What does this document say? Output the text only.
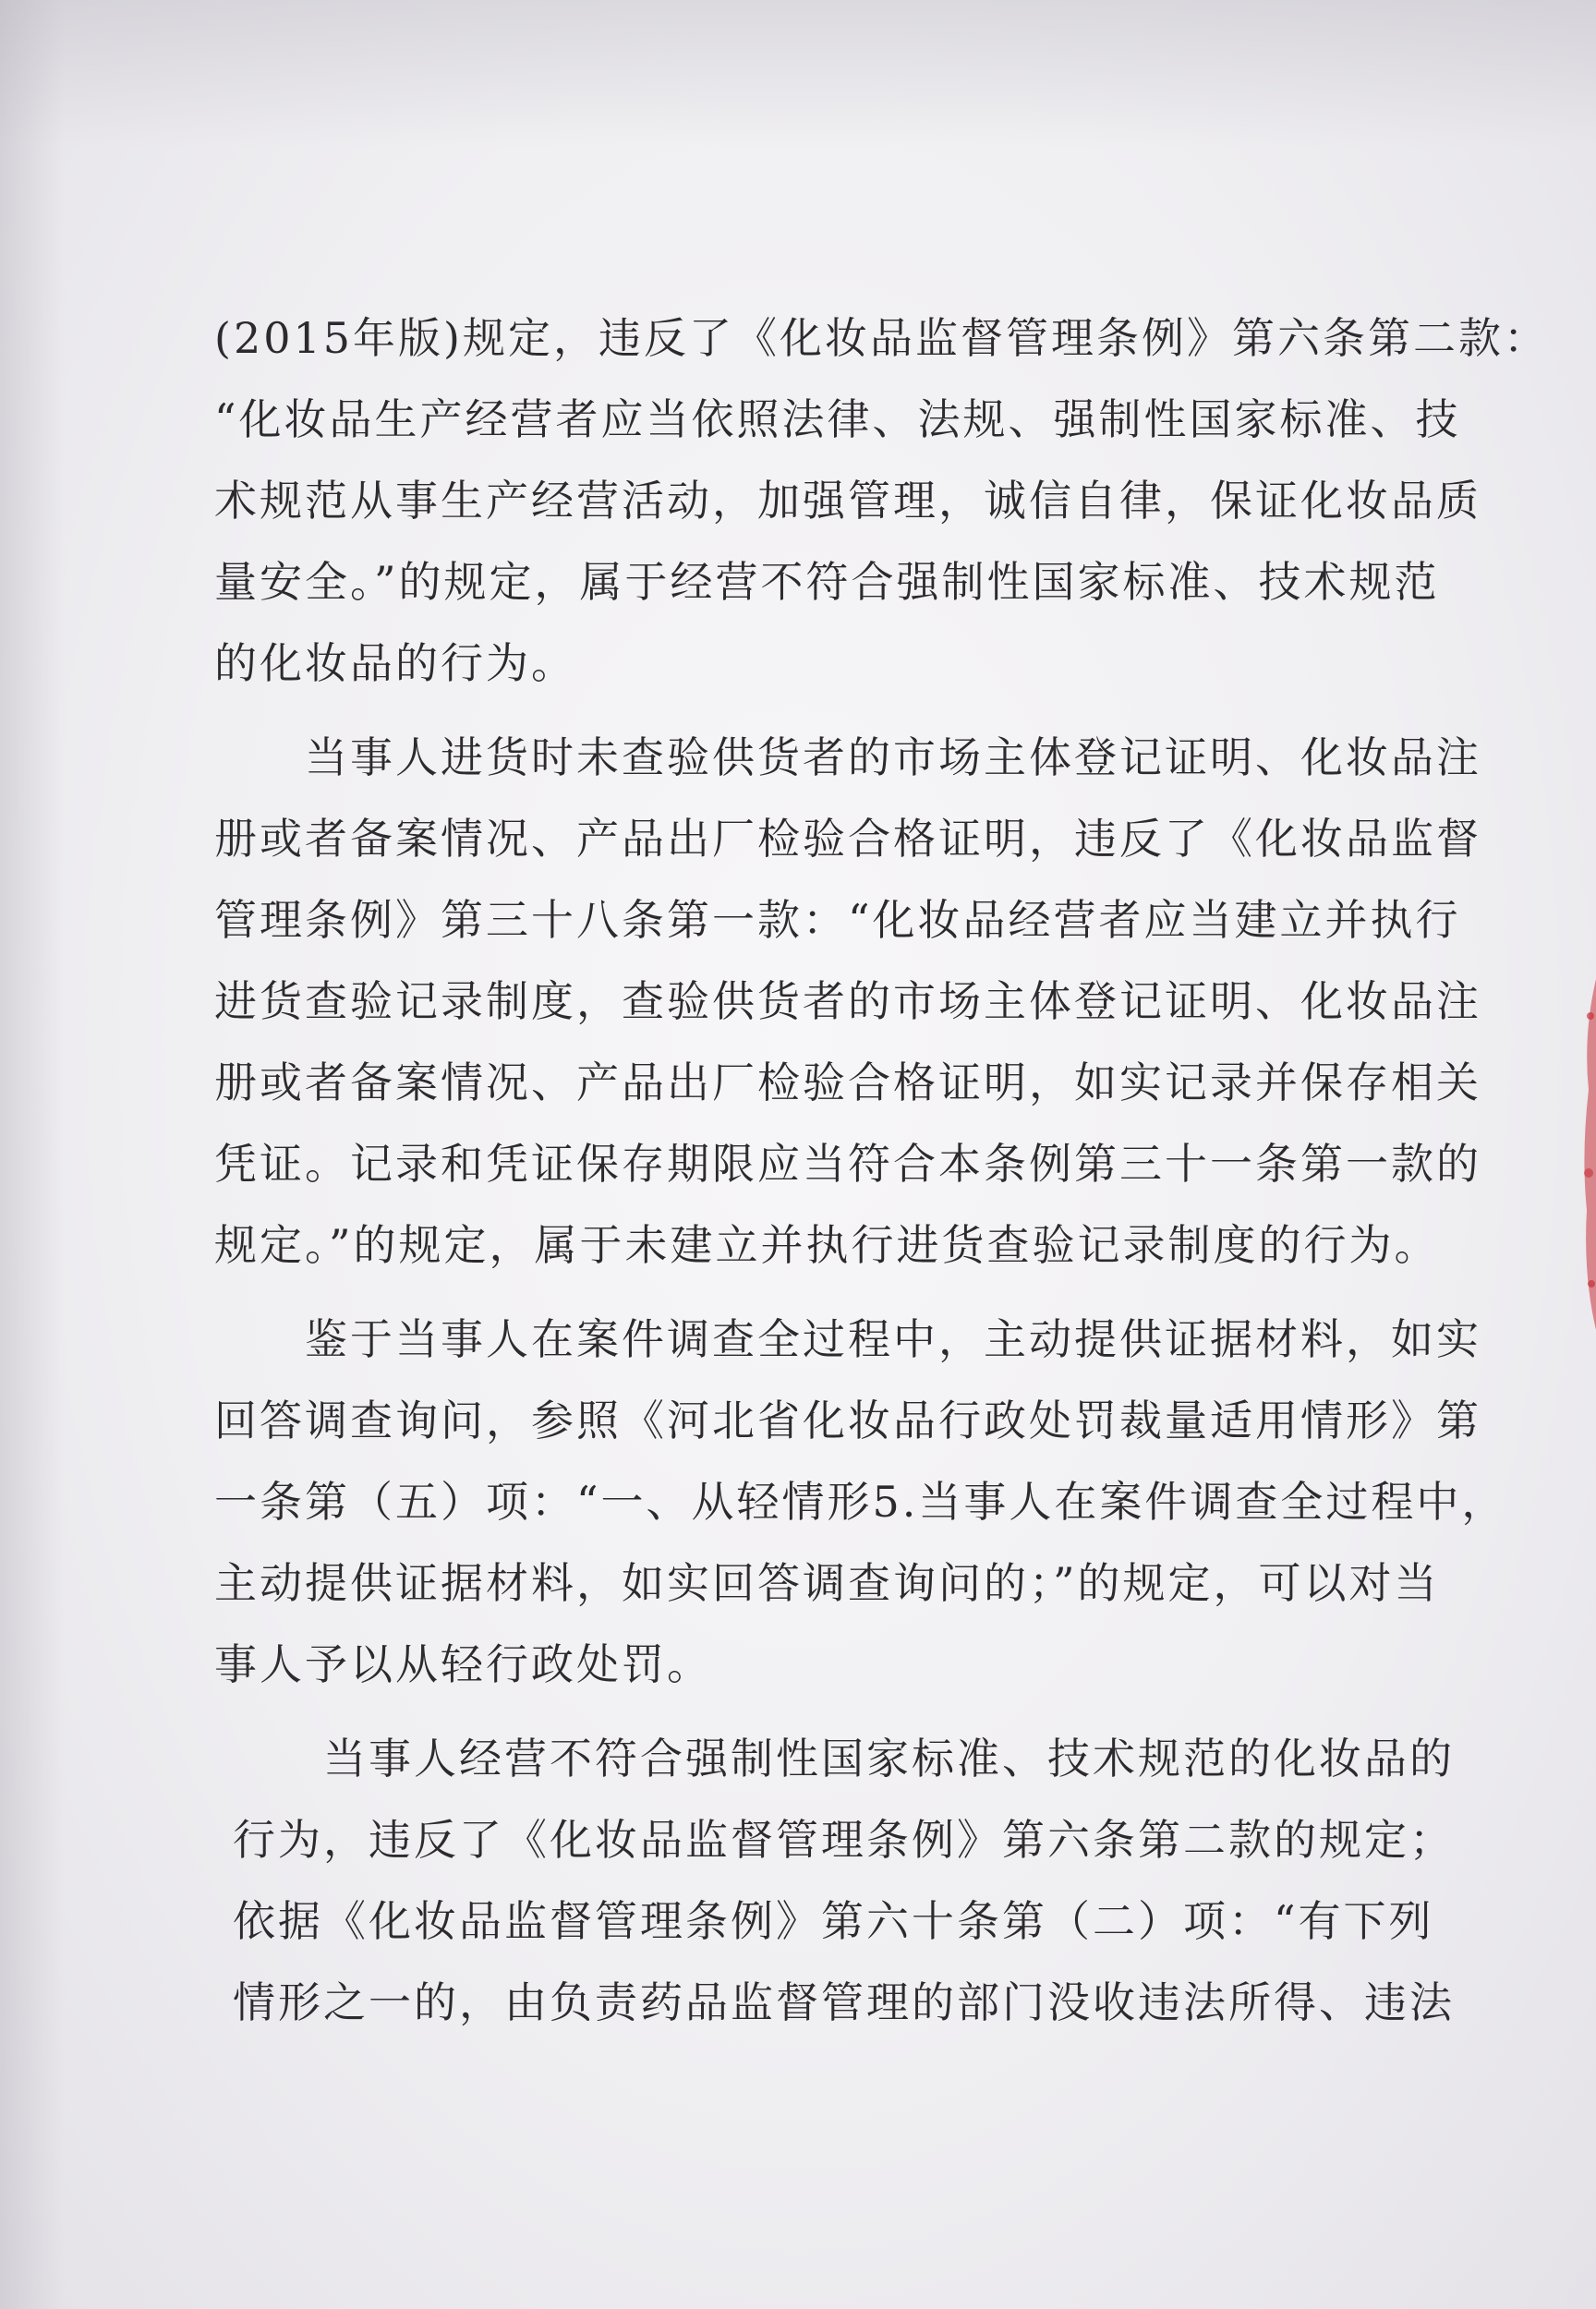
(2015年版)规定，违反了《化妆品监督管理条例》第六条第二款：
“化妆品生产经营者应当依照法律、法规、强制性国家标准、技
术规范从事生产经营活动，加强管理，诚信自律，保证化妆品质
量安全。”的规定，属于经营不符合强制性国家标准、技术规范
的化妆品的行为。
　　当事人进货时未查验供货者的市场主体登记证明、化妆品注
册或者备案情况、产品出厂检验合格证明，违反了《化妆品监督
管理条例》第三十八条第一款：“化妆品经营者应当建立并执行
进货查验记录制度，查验供货者的市场主体登记证明、化妆品注
册或者备案情况、产品出厂检验合格证明，如实记录并保存相关
凭证。记录和凭证保存期限应当符合本条例第三十一条第一款的
规定。”的规定，属于未建立并执行进货查验记录制度的行为。
　　鉴于当事人在案件调查全过程中，主动提供证据材料，如实
回答调查询问，参照《河北省化妆品行政处罚裁量适用情形》第
一条第（五）项：“一、从轻情形5.当事人在案件调查全过程中，
主动提供证据材料，如实回答调查询问的；”的规定，可以对当
事人予以从轻行政处罚。
　　当事人经营不符合强制性国家标准、技术规范的化妆品的
行为，违反了《化妆品监督管理条例》第六条第二款的规定；
依据《化妆品监督管理条例》第六十条第（二）项：“有下列
情形之一的，由负责药品监督管理的部门没收违法所得、违法
